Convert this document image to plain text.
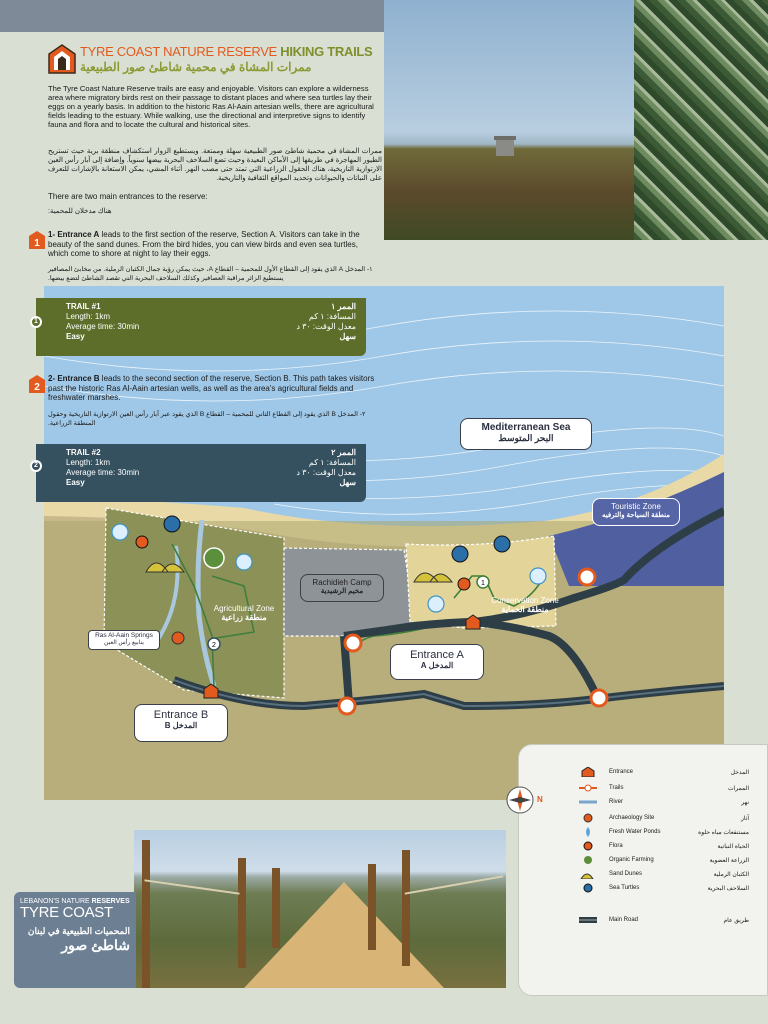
TYRE COAST NATURE RESERVE HIKING TRAILS
ممرات المشاة في محمية شاطئ صور الطبيعية
The Tyre Coast Nature Reserve trails are easy and enjoyable. Visitors can explore a wilderness area where migratory birds rest on their passage to distant places and where sea turtles lay their eggs on a yearly basis. In addition to the historic Ras Al-Aain artesian wells, there are agricultural fields leading to the estuary. While walking, use the directional and interpretive signs to identify fauna and flora and to locate the cultural and historical sites.
ممرات المشاة في محمية شاطئ صور الطبيعية سهلة وممتعة. ويستطيع الزوار استكشاف منطقة برية حيث تستريح الطيور المهاجرة في طريقها إلى الأماكن البعيدة وحيث تضع السلاحف البحرية بيضها سنوياً. وإضافة إلى آبار رأس العين الارتوازية التاريخية، هناك الحقول الزراعية التي تمتد حتى مصب النهر. أثناء المشي، يمكن الاستعانة بالإشارات للتعرف على النباتات والحيوانات وتحديد المواقع الثقافية والتاريخية.
There are two main entrances to the reserve:
هناك مدخلان للمحمية:
1
2
Mediterranean Sea
البحر المتوسط
Touristic Zone
منطقة السياحة والترفيه
Rachidieh Camp
مخيم الرشيدية
Conservation Zone
منطقة الحماية
Agricultural Zone
منطقة زراعية
Ras Al-Aain Springs
ينابيع رأس العين
Entrance A
المدخل A
Entrance B
المدخل B
1
1- Entrance A leads to the first section of the reserve, Section A. Visitors can take in the beauty of the sand dunes. From the bird hides, you can view birds and even sea turtles, which come to shore at night to lay their eggs.
١- المدخل A الذي يقود إلى القطاع الأول للمحمية – القطاع A، حيث يمكن رؤية جمال الكثبان الرملية. من مخابئ المصافير يستطيع الزائر مراقبة العصافير وكذلك السلاحف البحرية التي تقصد الشاطئ لتضع بيضها.
TRAIL #1	الممر ١
Length: 1km	المسافة: ١ كم
Average time: 30min	معدل الوقت: ٣٠ د
Easy	سهل
1
2
2- Entrance B leads to the second section of the reserve, Section B. This path takes visitors past the historic Ras Al-Aain artesian wells, as well as the area's agricultural fields and freshwater marshes.
٢- المدخل B الذي يقود إلى القطاع الثاني للمحمية – القطاع B الذي يقود عبر آبار رأس العين الارتوازية التاريخية وحقول المنطقة الزراعية.
TRAIL #2	الممر ٢
Length: 1km	المسافة: ١ كم
Average time: 30min	معدل الوقت: ٣٠ د
Easy	سهل
2
N
Entrance	المدخل
Trails	الممرات
River	نهر
Archaeology Site	آثار
Fresh Water Ponds	مستنقعات مياه حلوة
Flora	الحياة النباتية
Organic Farming	الزراعة العضوية
Sand Dunes	الكثبان الرملية
Sea Turtles	السلاحف البحرية
Main Road	طريق عام
LEBANON'S NATURE RESERVES
TYRE COAST
المحميات الطبيعية في لبنان
شاطئ صور
